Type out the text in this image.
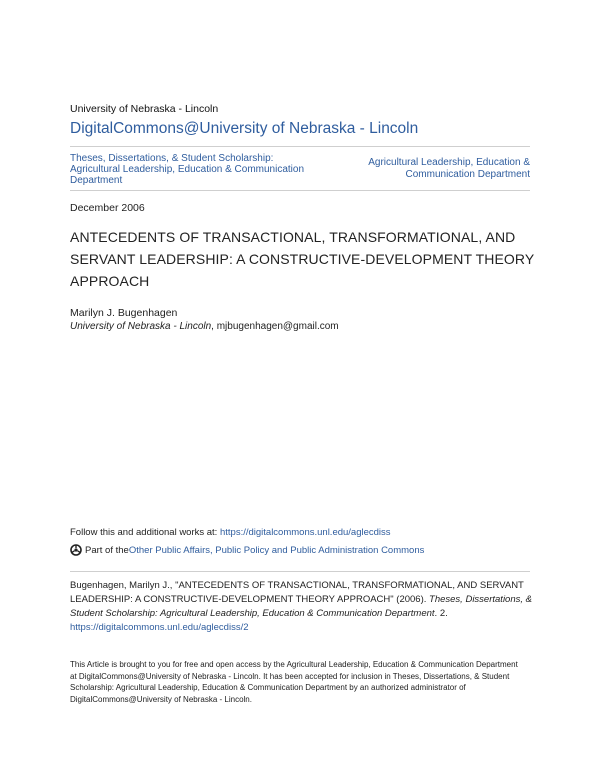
University of Nebraska - Lincoln
DigitalCommons@University of Nebraska - Lincoln
Theses, Dissertations, & Student Scholarship: Agricultural Leadership, Education & Communication Department
Agricultural Leadership, Education & Communication Department
December 2006
ANTECEDENTS OF TRANSACTIONAL, TRANSFORMATIONAL, AND SERVANT LEADERSHIP: A CONSTRUCTIVE-DEVELOPMENT THEORY APPROACH
Marilyn J. Bugenhagen
University of Nebraska - Lincoln, mjbugenhagen@gmail.com
Follow this and additional works at: https://digitalcommons.unl.edu/aglecdiss
Part of the Other Public Affairs, Public Policy and Public Administration Commons
Bugenhagen, Marilyn J., "ANTECEDENTS OF TRANSACTIONAL, TRANSFORMATIONAL, AND SERVANT LEADERSHIP: A CONSTRUCTIVE-DEVELOPMENT THEORY APPROACH" (2006). Theses, Dissertations, & Student Scholarship: Agricultural Leadership, Education & Communication Department. 2.
https://digitalcommons.unl.edu/aglecdiss/2
This Article is brought to you for free and open access by the Agricultural Leadership, Education & Communication Department at DigitalCommons@University of Nebraska - Lincoln. It has been accepted for inclusion in Theses, Dissertations, & Student Scholarship: Agricultural Leadership, Education & Communication Department by an authorized administrator of DigitalCommons@University of Nebraska - Lincoln.
